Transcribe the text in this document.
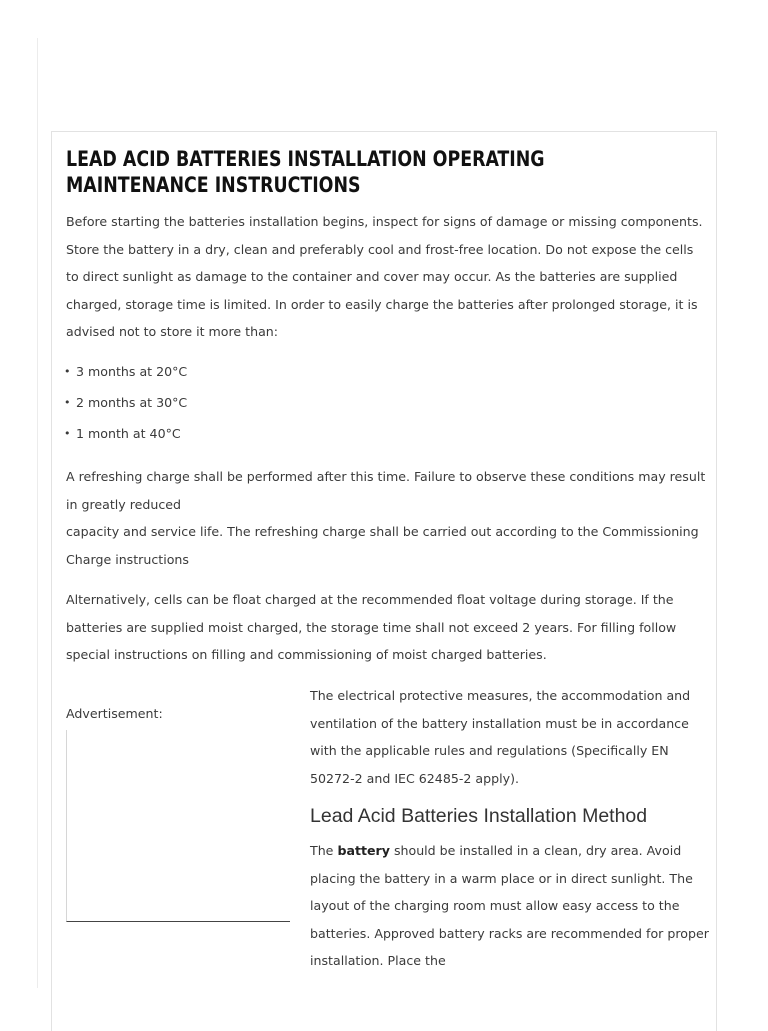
LEAD ACID BATTERIES INSTALLATION OPERATING MAINTENANCE INSTRUCTIONS

Before starting the batteries installation begins, inspect for signs of damage or missing components. Store the battery in a dry, clean and preferably cool and frost-free location. Do not expose the cells to direct sunlight as damage to the container and cover may occur. As the batteries are supplied charged, storage time is limited. In order to easily charge the batteries after prolonged storage, it is advised not to store it more than:

• 3 months at 20°C
• 2 months at 30°C
• 1 month at 40°C

A refreshing charge shall be performed after this time. Failure to observe these conditions may result in greatly reduced
capacity and service life. The refreshing charge shall be carried out according to the Commissioning Charge instructions

Alternatively, cells can be float charged at the recommended float voltage during storage. If the batteries are supplied moist charged, the storage time shall not exceed 2 years. For filling follow special instructions on filling and commissioning of moist charged batteries.

Advertisement:

The electrical protective measures, the accommodation and ventilation of the battery installation must be in accordance with the applicable rules and regulations (Specifically EN 50272-2 and IEC 62485-2 apply).

Lead Acid Batteries Installation Method

The battery should be installed in a clean, dry area. Avoid placing the battery in a warm place or in direct sunlight. The layout of the charging room must allow easy access to the batteries. Approved battery racks are recommended for proper installation. Place the
